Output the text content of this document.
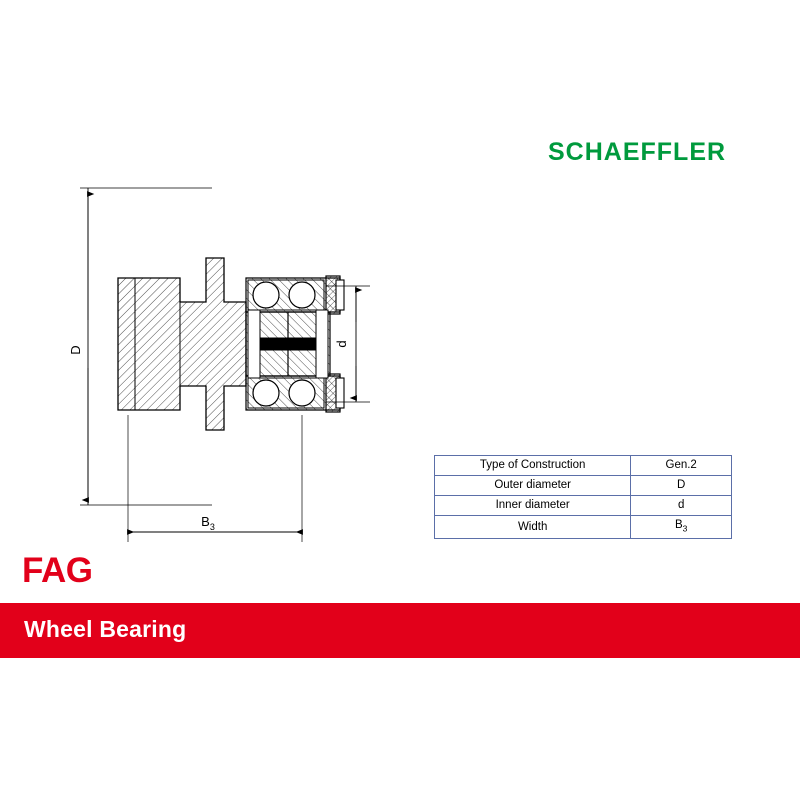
SCHAEFFLER
D
d
$B_3$
Type of Construction	Gen.2
Outer diameter	D
Inner diameter	d
Width	$B_3$
FAG
Wheel Bearing
